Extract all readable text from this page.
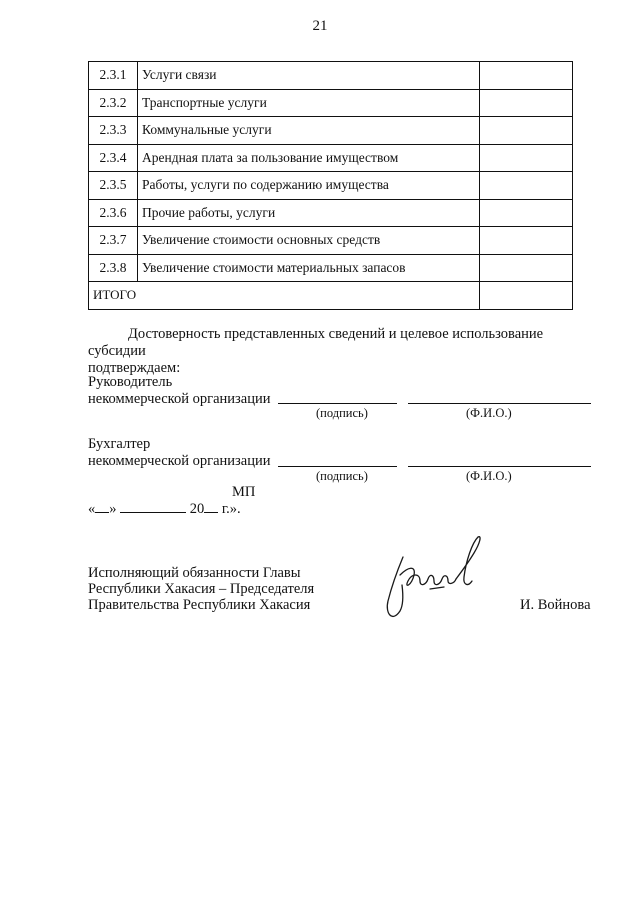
21
2.3.1	Услуги связи	
2.3.2	Транспортные услуги	
2.3.3	Коммунальные услуги	
2.3.4	Арендная плата за пользование имуществом	
2.3.5	Работы, услуги по содержанию имущества	
2.3.6	Прочие работы, услуги	
2.3.7	Увеличение стоимости основных средств	
2.3.8	Увеличение стоимости материальных запасов	
ИТОГО		
Достоверность представленных сведений и целевое использование субсидии
подтверждаем:
Руководитель
некоммерческой организации
(подпись)	(Ф.И.О.)
Бухгалтер
некоммерческой организации
(подпись)	(Ф.И.О.)
МП
« »	20 г.».
Исполняющий обязанности Главы
Республики Хакасия – Председателя
Правительства Республики Хакасия	И. Войнова
